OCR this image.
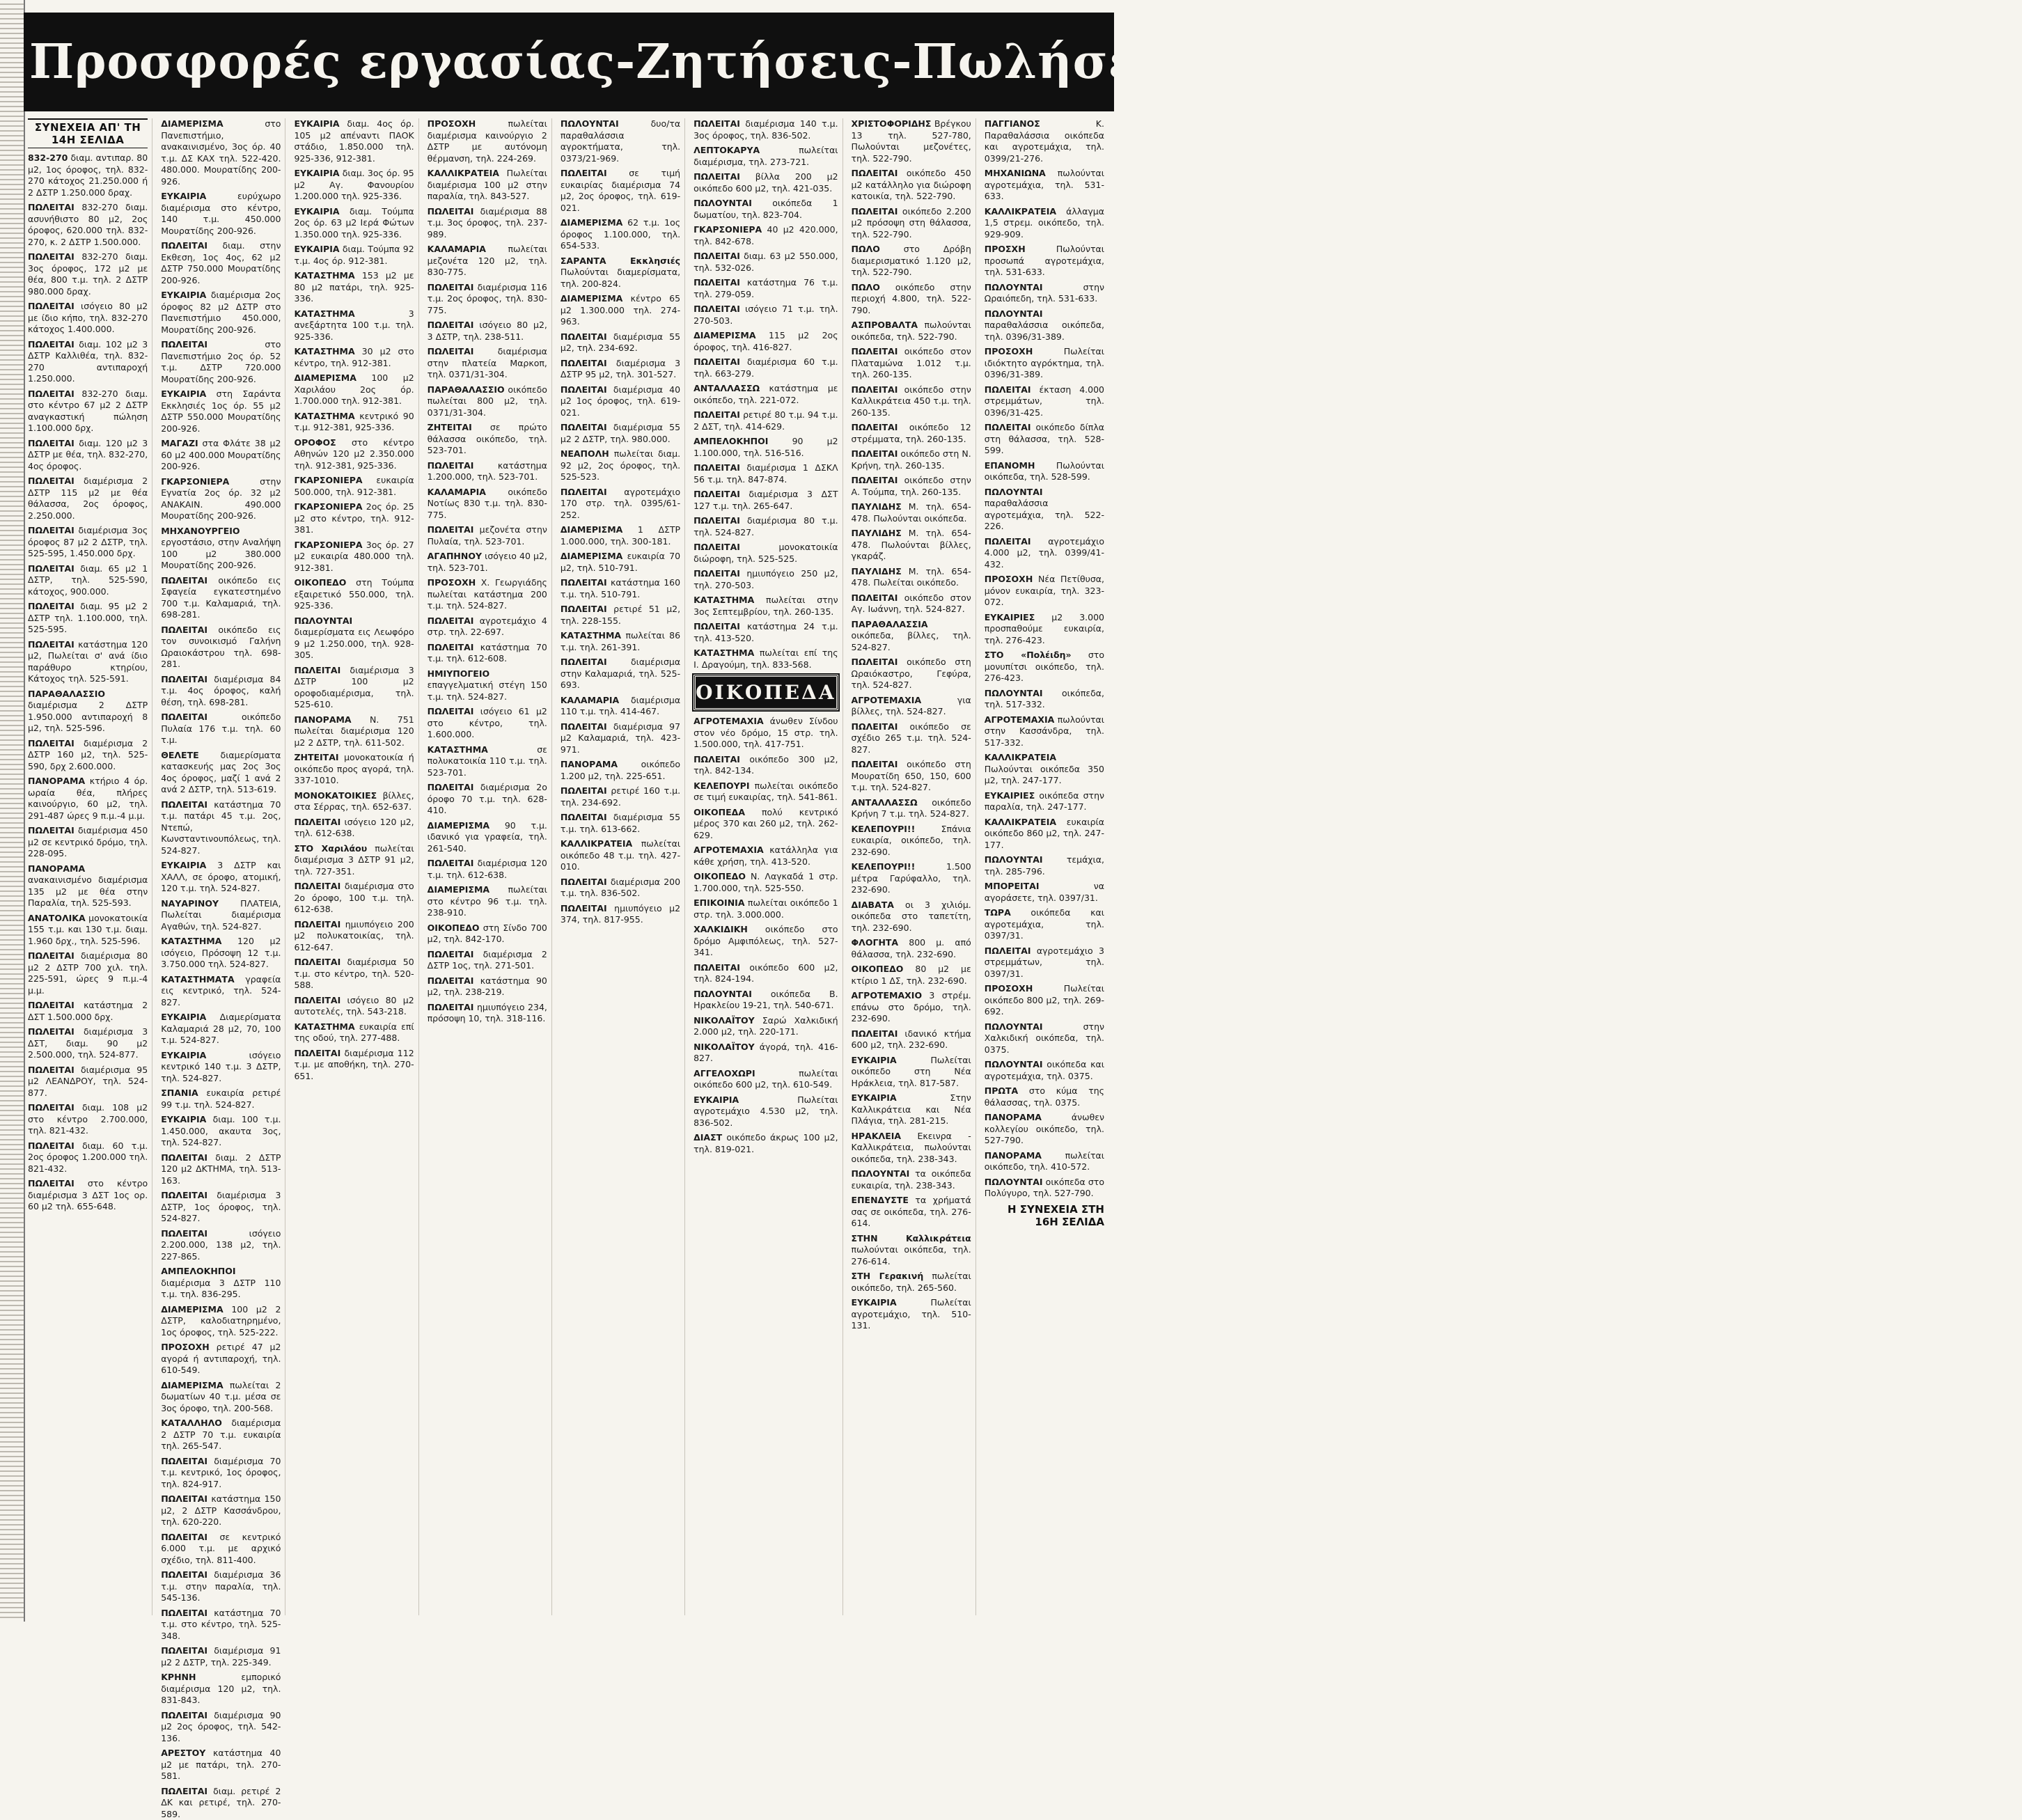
Προσφορές εργασίας-Ζητήσεις-Πωλήσεις-Ενοικιάσεις-Αγορές-Ακίνητα
ΣΥΝΕΧΕΙΑ ΑΠ' ΤΗ 14Η ΣΕΛΙΔΑ

832-270 διαμ. αντιπαρ. 80 μ2, 1ος όροφος, τηλ. 832-270 κάτοχος 21.250.000 ή 2 ΔΣΤΡ 1.250.000 δραχ.

ΠΩΛΕΙΤΑΙ 832-270 διαμ. ασυνήθιστο 80 μ2, 2ος όροφος, 620.000 τηλ. 832-270, κ. 2 ΔΣΤΡ 1.500.000.

ΠΩΛΕΙΤΑΙ 832-270 διαμ. 3ος όροφος, 172 μ2 με θέα, 800 τ.μ. τηλ. 2 ΔΣΤΡ 980.000 δραχ.

ΠΩΛΕΙΤΑΙ ισόγειο 80 μ2 με ίδιο κήπο, τηλ. 832-270 κάτοχος 1.400.000.

ΠΩΛΕΙΤΑΙ διαμ. 102 μ2 3 ΔΣΤΡ Καλλιθέα, τηλ. 832-270 αντιπαροχή 1.250.000.

ΠΩΛΕΙΤΑΙ 832-270 διαμ. στο κέντρο 67 μ2 2 ΔΣΤΡ αναγκαστική πώληση 1.100.000 δρχ.

ΠΩΛΕΙΤΑΙ διαμ. 120 μ2 3 ΔΣΤΡ με θέα, τηλ. 832-270, 4ος όροφος.

ΠΩΛΕΙΤΑΙ διαμέρισμα 2 ΔΣΤΡ 115 μ2 με θέα θάλασσα, 2ος όροφος, 2.250.000.

ΠΩΛΕΙΤΑΙ διαμέρισμα 3ος όροφος 87 μ2 2 ΔΣΤΡ, τηλ. 525-595, 1.450.000 δρχ.

ΠΩΛΕΙΤΑΙ διαμ. 65 μ2 1 ΔΣΤΡ, τηλ. 525-590, κάτοχος, 900.000.

ΠΩΛΕΙΤΑΙ διαμ. 95 μ2 2 ΔΣΤΡ τηλ. 1.100.000, τηλ. 525-595.

ΠΩΛΕΙΤΑΙ κατάστημα 120 μ2, Πωλείται σ' ανά ίδιο παράθυρο κτηρίου, Κάτοχος τηλ. 525-591.

ΠΑΡΑΘΑΛΑΣΣΙΟ διαμέρισμα 2 ΔΣΤΡ 1.950.000 αντιπαροχή 8 μ2, τηλ. 525-596.

ΠΩΛΕΙΤΑΙ διαμέρισμα 2 ΔΣΤΡ 160 μ2, τηλ. 525-590, δρχ 2.600.000.

ΠΑΝΟΡΑΜΑ κτήριο 4 όρ. ωραία θέα, πλήρες καινούργιο, 60 μ2, τηλ. 291-487 ώρες 9 π.μ.-4 μ.μ.

ΠΩΛΕΙΤΑΙ διαμέρισμα 450 μ2 σε κεντρικό δρόμο, τηλ. 228-095.

ΠΑΝΟΡΑΜΑ ανακαινισμένο διαμέρισμα 135 μ2 με θέα στην Παραλία, τηλ. 525-593.

ΑΝΑΤΟΛΙΚΑ μονοκατοικία 155 τ.μ. και 130 τ.μ. διαμ. 1.960 δρχ., τηλ. 525-596.

ΠΩΛΕΙΤΑΙ διαμέρισμα 80 μ2 2 ΔΣΤΡ 700 χιλ. τηλ. 225-591, ώρες 9 π.μ.-4 μ.μ.

ΠΩΛΕΙΤΑΙ κατάστημα 2 ΔΣΤ 1.500.000 δρχ.

ΠΩΛΕΙΤΑΙ διαμέρισμα 3 ΔΣΤ, διαμ. 90 μ2 2.500.000, τηλ. 524-877.

ΠΩΛΕΙΤΑΙ διαμέρισμα 95 μ2 ΛΕΑΝΔΡΟΥ, τηλ. 524-877.

ΠΩΛΕΙΤΑΙ διαμ. 108 μ2 στο κέντρο 2.700.000, τηλ. 821-432.

ΠΩΛΕΙΤΑΙ διαμ. 60 τ.μ. 2ος όροφος 1.200.000 τηλ. 821-432.

ΠΩΛΕΙΤΑΙ στο κέντρο διαμέρισμα 3 ΔΣΤ 1ος ορ. 60 μ2 τηλ. 655-648.

ΔΙΑΜΕΡΙΣΜΑ στο Πανεπιστήμιο, ανακαινισμένο, 3ος όρ. 40 τ.μ. ΔΣ ΚΑΧ τηλ. 522-420. 480.000. Μουρατίδης 200-926.

ΕΥΚΑΙΡΙΑ ευρύχωρο διαμέρισμα στο κέντρο, 140 τ.μ. 450.000 Μουρατίδης 200-926.

ΠΩΛΕΙΤΑΙ διαμ. στην Εκθεση, 1ος 4ος, 62 μ2 ΔΣΤΡ 750.000 Μουρατίδης 200-926.

ΕΥΚΑΙΡΙΑ διαμέρισμα 2ος όροφος 82 μ2 ΔΣΤΡ στο Πανεπιστήμιο 450.000, Μουρατίδης 200-926.

ΠΩΛΕΙΤΑΙ στο Πανεπιστήμιο 2ος όρ. 52 τ.μ. ΔΣΤΡ 720.000 Μουρατίδης 200-926.

ΕΥΚΑΙΡΙΑ στη Σαράντα Εκκλησιές 1ος όρ. 55 μ2 ΔΣΤΡ 550.000 Μουρατίδης 200-926.

ΜΑΓΑΖΙ στα Φλάτε 38 μ2 60 μ2 400.000 Μουρατίδης 200-926.

ΓΚΑΡΣΟΝΙΕΡΑ στην Εγνατία 2ος όρ. 32 μ2 ΑΝΑΚΑΙΝ. 490.000 Μουρατίδης 200-926.

ΜΗΧΑΝΟΥΡΓΕΙΟ εργοστάσιο, στην Αναλήψη 100 μ2 380.000 Μουρατίδης 200-926.

ΠΩΛΕΙΤΑΙ οικόπεδο εις Σφαγεία εγκατεστημένο 700 τ.μ. Καλαμαριά, τηλ. 698-281.

ΠΩΛΕΙΤΑΙ οικόπεδο εις τον συνοικισμό Γαλήνη Ωραιοκάστρου τηλ. 698-281.

ΠΩΛΕΙΤΑΙ διαμέρισμα 84 τ.μ. 4ος όροφος, καλή θέση, τηλ. 698-281.

ΠΩΛΕΙΤΑΙ οικόπεδο Πυλαία 176 τ.μ. τηλ. 60 τ.μ.

ΘΕΛΕΤΕ διαμερίσματα κατασκευής μας 2ος 3ος 4ος όροφος, μαζί 1 ανά 2 ανά 2 ΔΣΤΡ, τηλ. 513-619.

ΠΩΛΕΙΤΑΙ κατάστημα 70 τ.μ. πατάρι 45 τ.μ. 2ος, Ντεπώ, Κωνσταντινουπόλεως, τηλ. 524-827.

ΕΥΚΑΙΡΙΑ 3 ΔΣΤΡ και ΧΑΛΛ, σε όροφο, ατομική, 120 τ.μ. τηλ. 524-827.

ΝΑΥΑΡΙΝΟΥ ΠΛΑΤΕΙΑ, Πωλείται διαμέρισμα Αγαθών, τηλ. 524-827.

ΚΑΤΑΣΤΗΜΑ 120 μ2 ισόγειο, Πρόσοψη 12 τ.μ. 3.750.000 τηλ. 524-827.

ΚΑΤΑΣΤΗΜΑΤΑ γραφεία εις κεντρικό, τηλ. 524-827.

ΕΥΚΑΙΡΙΑ Διαμερίσματα Καλαμαριά 28 μ2, 70, 100 τ.μ. 524-827.

ΕΥΚΑΙΡΙΑ ισόγειο κεντρικό 140 τ.μ. 3 ΔΣΤΡ, τηλ. 524-827.

ΣΠΑΝΙΑ ευκαιρία ρετιρέ 99 τ.μ. τηλ. 524-827.

ΕΥΚΑΙΡΙΑ διαμ. 100 τ.μ. 1.450.000, ακαυτα 3ος, τηλ. 524-827.

ΠΩΛΕΙΤΑΙ διαμ. 2 ΔΣΤΡ 120 μ2 ΔΚΤΗΜΑ, τηλ. 513-163.

ΠΩΛΕΙΤΑΙ διαμέρισμα 3 ΔΣΤΡ, 1ος όροφος, τηλ. 524-827.

ΠΩΛΕΙΤΑΙ ισόγειο 2.200.000, 138 μ2, τηλ. 227-865.

ΑΜΠΕΛΟΚΗΠΟΙ διαμέρισμα 3 ΔΣΤΡ 110 τ.μ. τηλ. 836-295.

ΔΙΑΜΕΡΙΣΜΑ 100 μ2 2 ΔΣΤΡ, καλοδιατηρημένο, 1ος όροφος, τηλ. 525-222.

ΠΡΟΣΟΧΗ ρετιρέ 47 μ2 αγορά ή αντιπαροχή, τηλ. 610-549.

ΔΙΑΜΕΡΙΣΜΑ πωλείται 2 δωματίων 40 τ.μ. μέσα σε 3ος όροφο, τηλ. 200-568.

ΚΑΤΑΛΛΗΛΟ διαμέρισμα 2 ΔΣΤΡ 70 τ.μ. ευκαιρία τηλ. 265-547.

ΠΩΛΕΙΤΑΙ διαμέρισμα 70 τ.μ. κεντρικό, 1ος όροφος, τηλ. 824-917.

ΠΩΛΕΙΤΑΙ κατάστημα 150 μ2, 2 ΔΣΤΡ Κασσάνδρου, τηλ. 620-220.

ΠΩΛΕΙΤΑΙ σε κεντρικό 6.000 τ.μ. με αρχικό σχέδιο, τηλ. 811-400.

ΠΩΛΕΙΤΑΙ διαμέρισμα 36 τ.μ. στην παραλία, τηλ. 545-136.

ΠΩΛΕΙΤΑΙ κατάστημα 70 τ.μ. στο κέντρο, τηλ. 525-348.

ΠΩΛΕΙΤΑΙ διαμέρισμα 91 μ2 2 ΔΣΤΡ, τηλ. 225-349.

ΚΡΗΝΗ εμπορικό διαμέρισμα 120 μ2, τηλ. 831-843.

ΠΩΛΕΙΤΑΙ διαμέρισμα 90 μ2 2ος όροφος, τηλ. 542-136.

ΑΡΕΣΤΟΥ κατάστημα 40 μ2 με πατάρι, τηλ. 270-581.

ΠΩΛΕΙΤΑΙ διαμ. ρετιρέ 2 ΔΚ και ρετιρέ, τηλ. 270-589.

ΕΥΚΑΙΡΙΑ διαμ. 4ος όρ. 105 μ2 απέναντι ΠΑΟΚ στάδιο, 1.850.000 τηλ. 925-336, 912-381.

ΕΥΚΑΙΡΙΑ διαμ. 3ος όρ. 95 μ2 Αγ. Φανουρίου 1.200.000 τηλ. 925-336.

ΕΥΚΑΙΡΙΑ διαμ. Τούμπα 2ος όρ. 63 μ2 Ιερά Φώτων 1.350.000 τηλ. 925-336.

ΕΥΚΑΙΡΙΑ διαμ. Τούμπα 92 τ.μ. 4ος όρ. 912-381.

ΚΑΤΑΣΤΗΜΑ 153 μ2 με 80 μ2 πατάρι, τηλ. 925-336.

ΚΑΤΑΣΤΗΜΑ 3 ανεξάρτητα 100 τ.μ. τηλ. 925-336.

ΚΑΤΑΣΤΗΜΑ 30 μ2 στο κέντρο, τηλ. 912-381.

ΔΙΑΜΕΡΙΣΜΑ 100 μ2 Χαριλάου 2ος όρ. 1.700.000 τηλ. 912-381.

ΚΑΤΑΣΤΗΜΑ κεντρικό 90 τ.μ. 912-381, 925-336.

ΟΡΟΦΟΣ στο κέντρο Αθηνών 120 μ2 2.350.000 τηλ. 912-381, 925-336.

ΓΚΑΡΣΟΝΙΕΡΑ ευκαιρία 500.000, τηλ. 912-381.

ΓΚΑΡΣΟΝΙΕΡΑ 2ος όρ. 25 μ2 στο κέντρο, τηλ. 912-381.

ΓΚΑΡΣΟΝΙΕΡΑ 3ος όρ. 27 μ2 ευκαιρία 480.000 τηλ. 912-381.

ΟΙΚΟΠΕΔΟ στη Τούμπα εξαιρετικό 550.000, τηλ. 925-336.

ΠΩΛΟΥΝΤΑΙ διαμερίσματα εις Λεωφόρο 9 μ2 1.250.000, τηλ. 928-305.

ΠΩΛΕΙΤΑΙ διαμέρισμα 3 ΔΣΤΡ 100 μ2 οροφοδιαμέρισμα, τηλ. 525-610.

ΠΑΝΟΡΑΜΑ Ν. 751 πωλείται διαμέρισμα 120 μ2 2 ΔΣΤΡ, τηλ. 611-502.

ΖΗΤΕΙΤΑΙ μονοκατοικία ή οικόπεδο προς αγορά, τηλ. 337-1010.

ΜΟΝΟΚΑΤΟΙΚΙΕΣ βίλλες, στα Σέρρας, τηλ. 652-637.

ΠΩΛΕΙΤΑΙ ισόγειο 120 μ2, τηλ. 612-638.

ΣΤΟ Χαριλάου πωλείται διαμέρισμα 3 ΔΣΤΡ 91 μ2, τηλ. 727-351.

ΠΩΛΕΙΤΑΙ διαμέρισμα στο 2ο όροφο, 100 τ.μ. τηλ. 612-638.

ΠΩΛΕΙΤΑΙ ημιυπόγειο 200 μ2 πολυκατοικίας, τηλ. 612-647.

ΠΩΛΕΙΤΑΙ διαμέρισμα 50 τ.μ. στο κέντρο, τηλ. 520-588.

ΠΩΛΕΙΤΑΙ ισόγειο 80 μ2 αυτοτελές, τηλ. 543-218.

ΚΑΤΑΣΤΗΜΑ ευκαιρία επί της οδού, τηλ. 277-488.

ΠΩΛΕΙΤΑΙ διαμέρισμα 112 τ.μ. με αποθήκη, τηλ. 270-651.

ΠΡΟΣΟΧΗ πωλείται διαμέρισμα καινούργιο 2 ΔΣΤΡ με αυτόνομη θέρμανση, τηλ. 224-269.

ΚΑΛΛΙΚΡΑΤΕΙΑ Πωλείται διαμέρισμα 100 μ2 στην παραλία, τηλ. 843-527.

ΠΩΛΕΙΤΑΙ διαμέρισμα 88 τ.μ. 3ος όροφος, τηλ. 237-989.

ΚΑΛΑΜΑΡΙΑ πωλείται μεζονέτα 120 μ2, τηλ. 830-775.

ΠΩΛΕΙΤΑΙ διαμέρισμα 116 τ.μ. 2ος όροφος, τηλ. 830-775.

ΠΩΛΕΙΤΑΙ ισόγειο 80 μ2, 3 ΔΣΤΡ, τηλ. 238-511.

ΠΩΛΕΙΤΑΙ διαμέρισμα στην πλατεία Μαρκοπ, τηλ. 0371/31-304.

ΠΑΡΑΘΑΛΑΣΣΙΟ οικόπεδο πωλείται 800 μ2, τηλ. 0371/31-304.

ΖΗΤΕΙΤΑΙ σε πρώτο θάλασσα οικόπεδο, τηλ. 523-701.

ΠΩΛΕΙΤΑΙ κατάστημα 1.200.000, τηλ. 523-701.

ΚΑΛΑΜΑΡΙΑ οικόπεδο Νοτίως 830 τ.μ. τηλ. 830-775.

ΠΩΛΕΙΤΑΙ μεζονέτα στην Πυλαία, τηλ. 523-701.

ΑΓΑΠΗΝΟΥ ισόγειο 40 μ2, τηλ. 523-701.

ΠΡΟΣΟΧΗ Χ. Γεωργιάδης πωλείται κατάστημα 200 τ.μ. τηλ. 524-827.

ΠΩΛΕΙΤΑΙ αγροτεμάχιο 4 στρ. τηλ. 22-697.

ΠΩΛΕΙΤΑΙ κατάστημα 70 τ.μ. τηλ. 612-608.

ΗΜΙΥΠΟΓΕΙΟ επαγγελματική στέγη 150 τ.μ. τηλ. 524-827.

ΠΩΛΕΙΤΑΙ ισόγειο 61 μ2 στο κέντρο, τηλ. 1.600.000.

ΚΑΤΑΣΤΗΜΑ σε πολυκατοικία 110 τ.μ. τηλ. 523-701.

ΠΩΛΕΙΤΑΙ διαμέρισμα 2ο όροφο 70 τ.μ. τηλ. 628-410.

ΔΙΑΜΕΡΙΣΜΑ 90 τ.μ. ιδανικό για γραφεία, τηλ. 261-540.

ΠΩΛΕΙΤΑΙ διαμέρισμα 120 τ.μ. τηλ. 612-638.

ΔΙΑΜΕΡΙΣΜΑ πωλείται στο κέντρο 96 τ.μ. τηλ. 238-910.

ΟΙΚΟΠΕΔΟ στη Σίνδο 700 μ2, τηλ. 842-170.

ΠΩΛΕΙΤΑΙ διαμέρισμα 2 ΔΣΤΡ 1ος, τηλ. 271-501.

ΠΩΛΕΙΤΑΙ κατάστημα 90 μ2, τηλ. 238-219.

ΠΩΛΕΙΤΑΙ ημιυπόγειο 234, πρόσοψη 10, τηλ. 318-116.

ΠΩΛΟΥΝΤΑΙ δυο/τα παραθαλάσσια αγροκτήματα, τηλ. 0373/21-969.

ΠΩΛΕΙΤΑΙ σε τιμή ευκαιρίας διαμέρισμα 74 μ2, 2ος όροφος, τηλ. 619-021.

ΔΙΑΜΕΡΙΣΜΑ 62 τ.μ. 1ος όροφος 1.100.000, τηλ. 654-533.

ΣΑΡΑΝΤΑ Εκκλησιές Πωλούνται διαμερίσματα, τηλ. 200-824.

ΔΙΑΜΕΡΙΣΜΑ κέντρο 65 μ2 1.300.000 τηλ. 274-963.

ΠΩΛΕΙΤΑΙ διαμέρισμα 55 μ2, τηλ. 234-692.

ΠΩΛΕΙΤΑΙ διαμέρισμα 3 ΔΣΤΡ 95 μ2, τηλ. 301-527.

ΠΩΛΕΙΤΑΙ διαμέρισμα 40 μ2 1ος όροφος, τηλ. 619-021.

ΠΩΛΕΙΤΑΙ διαμέρισμα 55 μ2 2 ΔΣΤΡ, τηλ. 980.000.

ΝΕΑΠΟΛΗ πωλείται διαμ. 92 μ2, 2ος όροφος, τηλ. 525-523.

ΠΩΛΕΙΤΑΙ αγροτεμάχιο 170 στρ. τηλ. 0395/61-252.

ΔΙΑΜΕΡΙΣΜΑ 1 ΔΣΤΡ 1.000.000, τηλ. 300-181.

ΔΙΑΜΕΡΙΣΜΑ ευκαιρία 70 μ2, τηλ. 510-791.

ΠΩΛΕΙΤΑΙ κατάστημα 160 τ.μ. τηλ. 510-791.

ΠΩΛΕΙΤΑΙ ρετιρέ 51 μ2, τηλ. 228-155.

ΚΑΤΑΣΤΗΜΑ πωλείται 86 τ.μ. τηλ. 261-391.

ΠΩΛΕΙΤΑΙ διαμέρισμα στην Καλαμαριά, τηλ. 525-693.

ΚΑΛΑΜΑΡΙΑ διαμέρισμα 110 τ.μ. τηλ. 414-467.

ΠΩΛΕΙΤΑΙ διαμέρισμα 97 μ2 Καλαμαριά, τηλ. 423-971.

ΠΑΝΟΡΑΜΑ οικόπεδο 1.200 μ2, τηλ. 225-651.

ΠΩΛΕΙΤΑΙ ρετιρέ 160 τ.μ. τηλ. 234-692.

ΠΩΛΕΙΤΑΙ διαμέρισμα 55 τ.μ. τηλ. 613-662.

ΚΑΛΛΙΚΡΑΤΕΙΑ πωλείται οικόπεδο 48 τ.μ. τηλ. 427-010.

ΠΩΛΕΙΤΑΙ διαμέρισμα 200 τ.μ. τηλ. 836-502.

ΠΩΛΕΙΤΑΙ ημιυπόγειο μ2 374, τηλ. 817-955.

ΠΩΛΕΙΤΑΙ διαμέρισμα 140 τ.μ. 3ος όροφος, τηλ. 836-502.

ΛΕΠΤΟΚΑΡΥΑ πωλείται διαμέρισμα, τηλ. 273-721.

ΠΩΛΕΙΤΑΙ βίλλα 200 μ2 οικόπεδο 600 μ2, τηλ. 421-035.

ΠΩΛΟΥΝΤΑΙ οικόπεδα 1 δωματίου, τηλ. 823-704.

ΓΚΑΡΣΟΝΙΕΡΑ 40 μ2 420.000, τηλ. 842-678.

ΠΩΛΕΙΤΑΙ διαμ. 63 μ2 550.000, τηλ. 532-026.

ΠΩΛΕΙΤΑΙ κατάστημα 76 τ.μ. τηλ. 279-059.

ΠΩΛΕΙΤΑΙ ισόγειο 71 τ.μ. τηλ. 270-503.

ΔΙΑΜΕΡΙΣΜΑ 115 μ2 2ος όροφος, τηλ. 416-827.

ΠΩΛΕΙΤΑΙ διαμέρισμα 60 τ.μ. τηλ. 663-279.

ΑΝΤΑΛΛΑΣΣΩ κατάστημα με οικόπεδο, τηλ. 221-072.

ΠΩΛΕΙΤΑΙ ρετιρέ 80 τ.μ. 94 τ.μ. 2 ΔΣΤ, τηλ. 414-629.

ΑΜΠΕΛΟΚΗΠΟΙ 90 μ2 1.100.000, τηλ. 516-516.

ΠΩΛΕΙΤΑΙ διαμέρισμα 1 ΔΣΚΛ 56 τ.μ. τηλ. 847-874.

ΠΩΛΕΙΤΑΙ διαμέρισμα 3 ΔΣΤ 127 τ.μ. τηλ. 265-647.

ΠΩΛΕΙΤΑΙ διαμέρισμα 80 τ.μ. τηλ. 524-827.

ΠΩΛΕΙΤΑΙ μονοκατοικία διώροφη, τηλ. 525-525.

ΠΩΛΕΙΤΑΙ ημιυπόγειο 250 μ2, τηλ. 270-503.

ΚΑΤΑΣΤΗΜΑ πωλείται στην 3ος Σεπτεμβρίου, τηλ. 260-135.

ΠΩΛΕΙΤΑΙ κατάστημα 24 τ.μ. τηλ. 413-520.

ΚΑΤΑΣΤΗΜΑ πωλείται επί της Ι. Δραγούμη, τηλ. 833-568.

ΟΙΚΟΠΕΔΑ

ΑΓΡΟΤΕΜΑΧΙΑ άνωθεν Σίνδου στον νέο δρόμο, 15 στρ. τηλ. 1.500.000, τηλ. 417-751.

ΠΩΛΕΙΤΑΙ οικόπεδο 300 μ2, τηλ. 842-134.

ΚΕΛΕΠΟΥΡΙ πωλείται οικόπεδο σε τιμή ευκαιρίας, τηλ. 541-861.

ΟΙΚΟΠΕΔΑ πολύ κεντρικό μέρος 370 και 260 μ2, τηλ. 262-629.

ΑΓΡΟΤΕΜΑΧΙΑ κατάλληλα για κάθε χρήση, τηλ. 413-520.

ΟΙΚΟΠΕΔΟ Ν. Λαγκαδά 1 στρ. 1.700.000, τηλ. 525-550.

ΕΠΙΚΟΙΝΙΑ πωλείται οικόπεδο 1 στρ. τηλ. 3.000.000.

ΧΑΛΚΙΔΙΚΗ οικόπεδο στο δρόμο Αμφιπόλεως, τηλ. 527-341.

ΠΩΛΕΙΤΑΙ οικόπεδο 600 μ2, τηλ. 824-194.

ΠΩΛΟΥΝΤΑΙ οικόπεδα Β. Ηρακλείου 19-21, τηλ. 540-671.

ΝΙΚΟΛΑΪΤΟΥ Σαρώ Χαλκιδική 2.000 μ2, τηλ. 220-171.

ΝΙΚΟΛΑΪΤΟΥ άγορά, τηλ. 416-827.

ΑΓΓΕΛΟΧΩΡΙ πωλείται οικόπεδο 600 μ2, τηλ. 610-549.

ΕΥΚΑΙΡΙΑ Πωλείται αγροτεμάχιο 4.530 μ2, τηλ. 836-502.

ΔΙΑΣΤ οικόπεδο άκρως 100 μ2, τηλ. 819-021.

ΧΡΙΣΤΟΦΟΡΙΔΗΣ Βρέγκου 13 τηλ. 527-780, Πωλούνται μεζονέτες, τηλ. 522-790.

ΠΩΛΕΙΤΑΙ οικόπεδο 450 μ2 κατάλληλο για διώροφη κατοικία, τηλ. 522-790.

ΠΩΛΕΙΤΑΙ οικόπεδο 2.200 μ2 πρόσοψη στη θάλασσα, τηλ. 522-790.

ΠΩΛΟ στο Δρόβη διαμερισματικό 1.120 μ2, τηλ. 522-790.

ΠΩΛΟ οικόπεδο στην περιοχή 4.800, τηλ. 522-790.

ΑΣΠΡΟΒΑΛΤΑ πωλούνται οικόπεδα, τηλ. 522-790.

ΠΩΛΕΙΤΑΙ οικόπεδο στον Πλαταμώνα 1.012 τ.μ. τηλ. 260-135.

ΠΩΛΕΙΤΑΙ οικόπεδο στην Καλλικράτεια 450 τ.μ. τηλ. 260-135.

ΠΩΛΕΙΤΑΙ οικόπεδο 12 στρέμματα, τηλ. 260-135.

ΠΩΛΕΙΤΑΙ οικόπεδο στη Ν. Κρήνη, τηλ. 260-135.

ΠΩΛΕΙΤΑΙ οικόπεδο στην Α. Τούμπα, τηλ. 260-135.

ΠΑΥΛΙΔΗΣ Μ. τηλ. 654-478. Πωλούνται οικόπεδα.

ΠΑΥΛΙΔΗΣ Μ. τηλ. 654-478. Πωλούνται βίλλες, γκαράζ.

ΠΑΥΛΙΔΗΣ Μ. τηλ. 654-478. Πωλείται οικόπεδο.

ΠΩΛΕΙΤΑΙ οικόπεδο στον Αγ. Ιωάννη, τηλ. 524-827.

ΠΑΡΑΘΑΛΑΣΣΙΑ οικόπεδα, βίλλες, τηλ. 524-827.

ΠΩΛΕΙΤΑΙ οικόπεδο στη Ωραιόκαστρο, Γεφύρα, τηλ. 524-827.

ΑΓΡΟΤΕΜΑΧΙΑ για βίλλες, τηλ. 524-827.

ΠΩΛΕΙΤΑΙ οικόπεδο σε σχέδιο 265 τ.μ. τηλ. 524-827.

ΠΩΛΕΙΤΑΙ οικόπεδο στη Μουρατίδη 650, 150, 600 τ.μ. τηλ. 524-827.

ΑΝΤΑΛΛΑΣΣΩ οικόπεδο Κρήνη 7 τ.μ. τηλ. 524-827.

ΚΕΛΕΠΟΥΡΙ!! Σπάνια ευκαιρία, οικόπεδο, τηλ. 232-690.

ΚΕΛΕΠΟΥΡΙ!! 1.500 μέτρα Γαρύφαλλο, τηλ. 232-690.

ΔΙΑΒΑΤΑ οι 3 χιλιόμ. οικόπεδα στο ταπετίτη, τηλ. 232-690.

ΦΛΟΓΗΤΑ 800 μ. από θάλασσα, τηλ. 232-690.

ΟΙΚΟΠΕΔΟ 80 μ2 με κτίριο 1 ΔΣ, τηλ. 232-690.

ΑΓΡΟΤΕΜΑΧΙΟ 3 στρέμ. επάνω στο δρόμο, τηλ. 232-690.

ΠΩΛΕΙΤΑΙ ιδανικό κτήμα 600 μ2, τηλ. 232-690.

ΕΥΚΑΙΡΙΑ Πωλείται οικόπεδο στη Νέα Ηράκλεια, τηλ. 817-587.

ΕΥΚΑΙΡΙΑ Στην Καλλικράτεια και Νέα Πλάγια, τηλ. 281-215.

ΗΡΑΚΛΕΙΑ Εκεινρα - Καλλικράτεια, πωλούνται οικόπεδα, τηλ. 238-343.

ΠΩΛΟΥΝΤΑΙ τα οικόπεδα ευκαιρία, τηλ. 238-343.

ΕΠΕΝΔΥΣΤΕ τα χρήματά σας σε οικόπεδα, τηλ. 276-614.

ΣΤΗΝ Καλλικράτεια πωλούνται οικόπεδα, τηλ. 276-614.

ΣΤΗ Γερακινή πωλείται οικόπεδο, τηλ. 265-560.

ΕΥΚΑΙΡΙΑ Πωλείται αγροτεμάχιο, τηλ. 510-131.

ΠΑΓΓΙΑΝΟΣ Κ. Παραθαλάσσια οικόπεδα και αγροτεμάχια, τηλ. 0399/21-276.

ΜΗΧΑΝΙΩΝΑ πωλούνται αγροτεμάχια, τηλ. 531-633.

ΚΑΛΛΙΚΡΑΤΕΙΑ άλλαγμα 1,5 στρεμ. οικόπεδο, τηλ. 929-909.

ΠΡΟΣΧΗ Πωλούνται προσωπά αγροτεμάχια, τηλ. 531-633.

ΠΩΛΟΥΝΤΑΙ στην Ωραιόπεδη, τηλ. 531-633.

ΠΩΛΟΥΝΤΑΙ παραθαλάσσια οικόπεδα, τηλ. 0396/31-389.

ΠΡΟΣΟΧΗ Πωλείται ιδιόκτητο αγρόκτημα, τηλ. 0396/31-389.

ΠΩΛΕΙΤΑΙ έκταση 4.000 στρεμμάτων, τηλ. 0396/31-425.

ΠΩΛΕΙΤΑΙ οικόπεδο δίπλα στη θάλασσα, τηλ. 528-599.

ΕΠΑΝΟΜΗ Πωλούνται οικόπεδα, τηλ. 528-599.

ΠΩΛΟΥΝΤΑΙ παραθαλάσσια αγροτεμάχια, τηλ. 522-226.

ΠΩΛΕΙΤΑΙ αγροτεμάχιο 4.000 μ2, τηλ. 0399/41-432.

ΠΡΟΣΟΧΗ Νέα Πετίθυσα, μόνον ευκαιρία, τηλ. 323-072.

ΕΥΚΑΙΡΙΕΣ μ2 3.000 προσπαθούμε ευκαιρία, τηλ. 276-423.

ΣΤΟ «Πολέιδη» στο μονυπίτσι οικόπεδο, τηλ. 276-423.

ΠΩΛΟΥΝΤΑΙ οικόπεδα, τηλ. 517-332.

ΑΓΡΟΤΕΜΑΧΙΑ πωλούνται στην Κασσάνδρα, τηλ. 517-332.

ΚΑΛΛΙΚΡΑΤΕΙΑ Πωλούνται οικόπεδα 350 μ2, τηλ. 247-177.

ΕΥΚΑΙΡΙΕΣ οικόπεδα στην παραλία, τηλ. 247-177.

ΚΑΛΛΙΚΡΑΤΕΙΑ ευκαιρία οικόπεδο 860 μ2, τηλ. 247-177.

ΠΩΛΟΥΝΤΑΙ τεμάχια, τηλ. 285-796.

ΜΠΟΡΕΙΤΑΙ να αγοράσετε, τηλ. 0397/31.

ΤΩΡΑ οικόπεδα και αγροτεμάχια, τηλ. 0397/31.

ΠΩΛΕΙΤΑΙ αγροτεμάχιο 3 στρεμμάτων, τηλ. 0397/31.

ΠΡΟΣΟΧΗ Πωλείται οικόπεδο 800 μ2, τηλ. 269-692.

ΠΩΛΟΥΝΤΑΙ στην Χαλκιδική οικόπεδα, τηλ. 0375.

ΠΩΛΟΥΝΤΑΙ οικόπεδα και αγροτεμάχια, τηλ. 0375.

ΠΡΩΤΑ στο κύμα της θάλασσας, τηλ. 0375.

ΠΑΝΟΡΑΜΑ άνωθεν κολλεγίου οικόπεδο, τηλ. 527-790.

ΠΑΝΟΡΑΜΑ πωλείται οικόπεδο, τηλ. 410-572.

ΠΩΛΟΥΝΤΑΙ οικόπεδα στο Πολύγυρο, τηλ. 527-790.

Η ΣΥΝΕΧΕΙΑ ΣΤΗ 16Η ΣΕΛΙΔΑ
